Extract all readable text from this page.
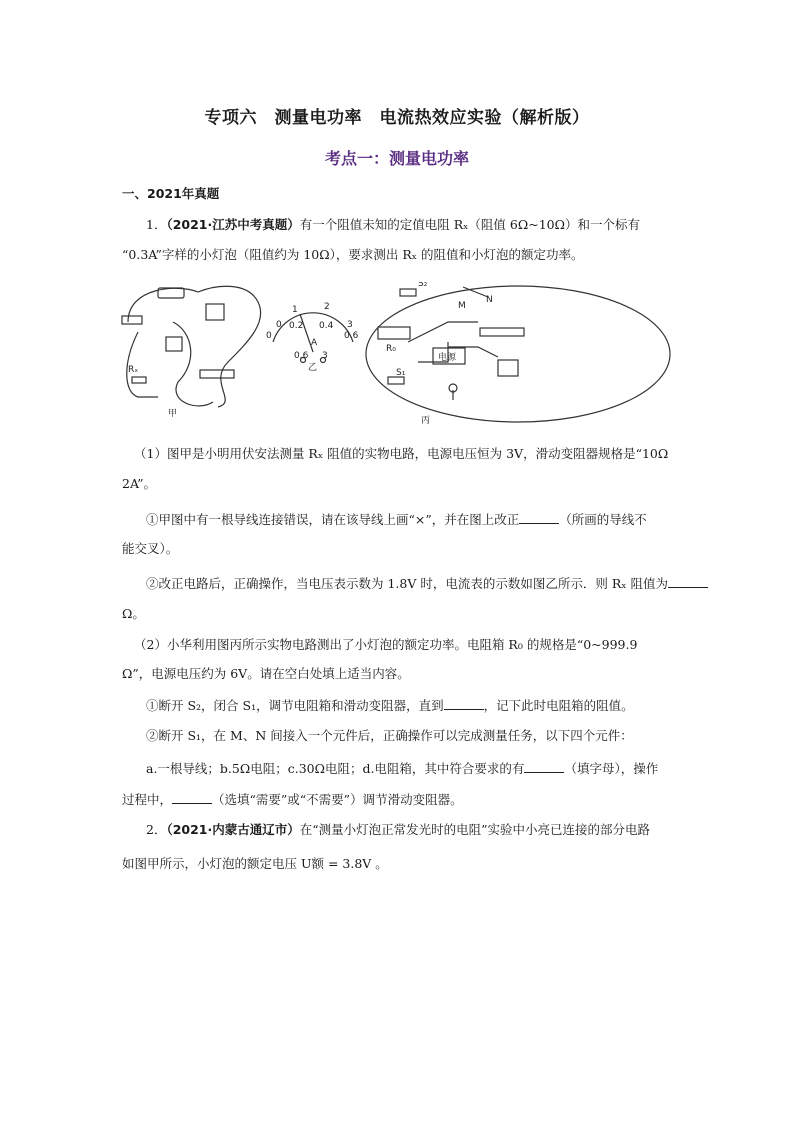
专项六　测量电功率　电流热效应实验（解析版）
考点一：测量电功率
一、2021年真题
1．（2021·江苏中考真题）有一个阻值未知的定值电阻 Rₓ（阻值 6Ω~10Ω）和一个标有
“0.3A”字样的小灯泡（阻值约为 10Ω），要求测出 Rₓ 的阻值和小灯泡的额定功率。
甲
Rₓ	乙
A
0
1	2
3
0
0.2 0.4
0.6
0.6 3
丙
R₀
S₂
S₁
M
N
电源
（1）图甲是小明用伏安法测量 Rₓ 阻值的实物电路，电源电压恒为 3V，滑动变阻器规格是“10Ω
2A”。
①甲图中有一根导线连接错误，请在该导线上画“×”，并在图上改正	（所画的导线不
能交叉）。
②改正电路后，正确操作，当电压表示数为 1.8V 时，电流表的示数如图乙所示．则 Rₓ 阻值为
Ω。
（2）小华利用图丙所示实物电路测出了小灯泡的额定功率。电阻箱 R₀ 的规格是“0~999.9
Ω”，电源电压约为 6V。请在空白处填上适当内容。
①断开 S₂，闭合 S₁，调节电阻箱和滑动变阻器，直到	，记下此时电阻箱的阻值。
②断开 S₁，在 M、N 间接入一个元件后，正确操作可以完成测量任务，以下四个元件：
a.一根导线；b.5Ω电阻；c.30Ω电阻；d.电阻箱，其中符合要求的有	（填字母），操作
过程中，	（选填“需要”或“不需要”）调节滑动变阻器。
2．（2021·内蒙古通辽市）在“测量小灯泡正常发光时的电阻”实验中小亮已连接的部分电路
如图甲所示，小灯泡的额定电压 U额 = 3.8V 。
